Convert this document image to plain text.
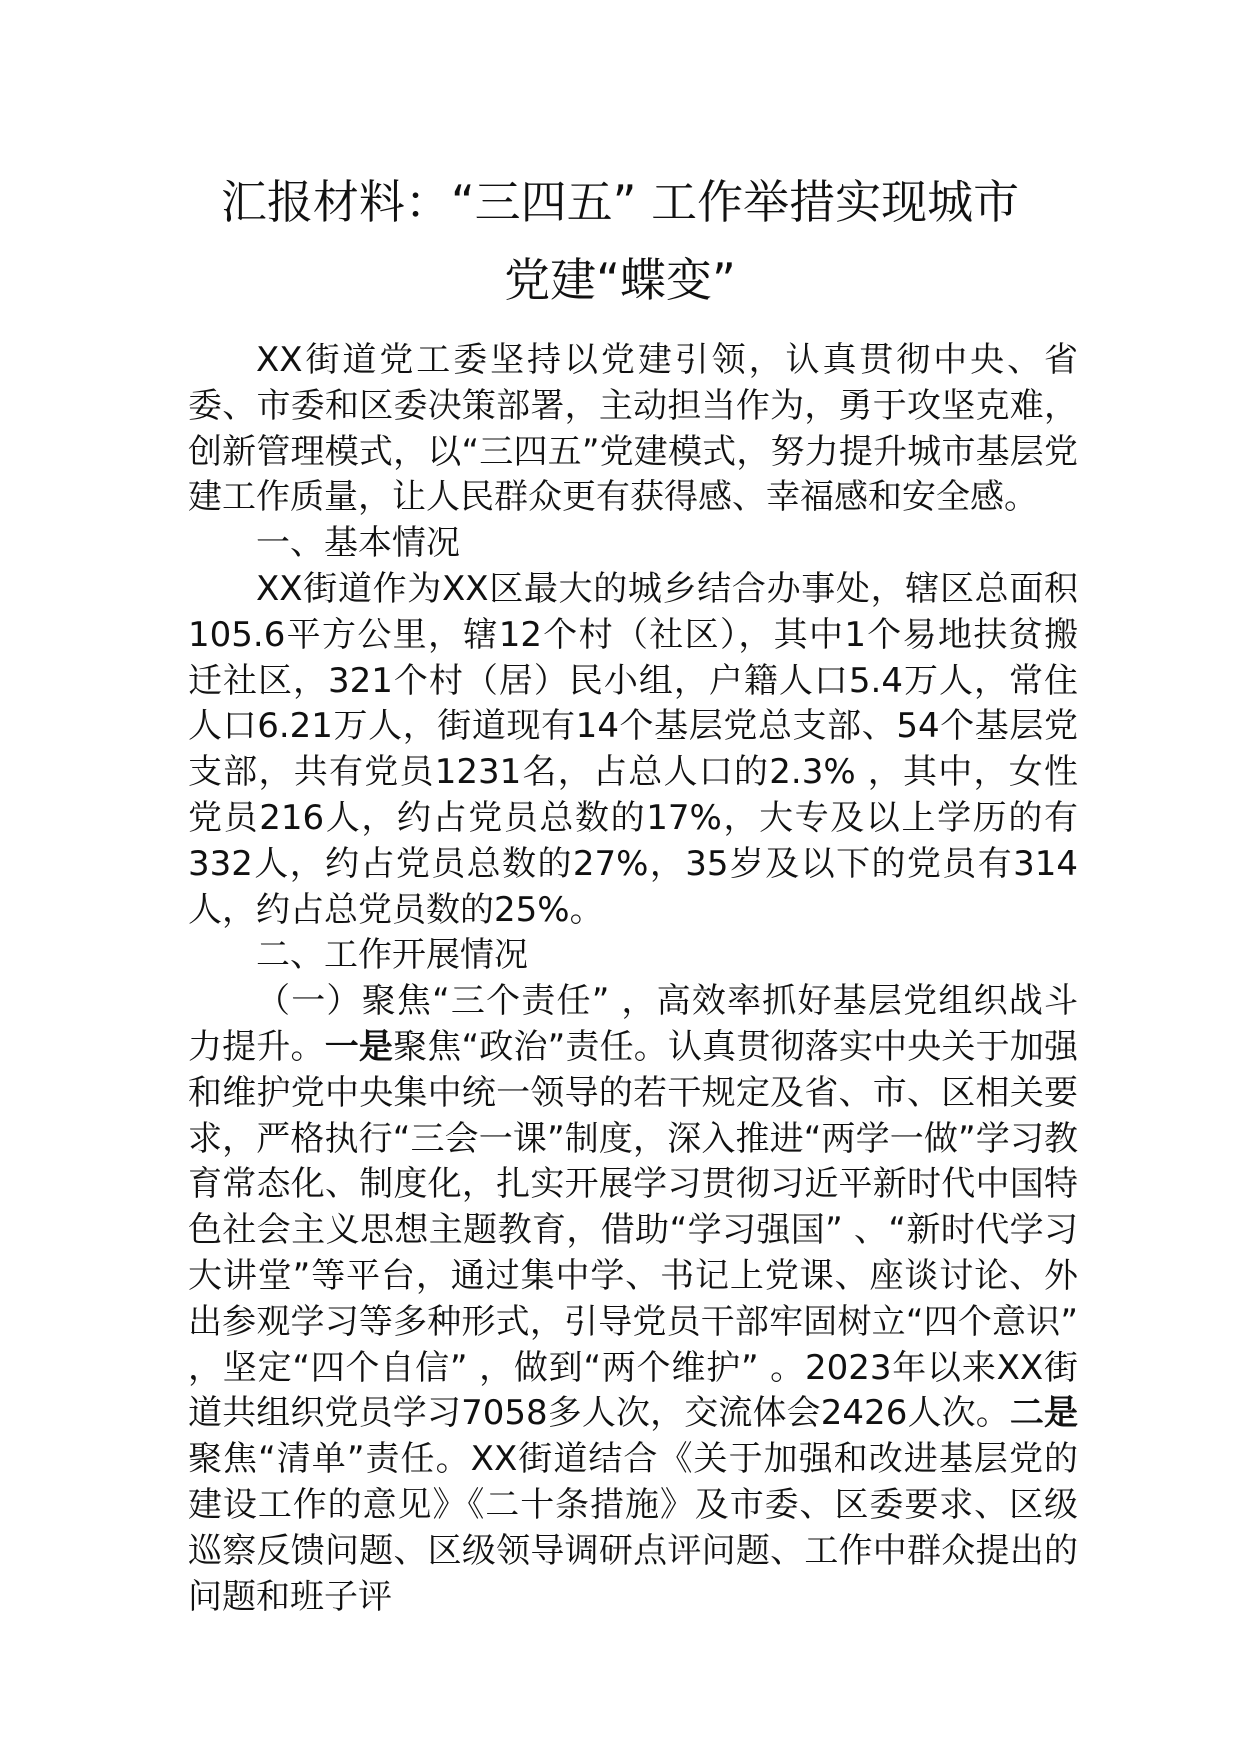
汇报材料：“三四五” 工作举措实现城市
党建“蝶变”

XX街道党工委坚持以党建引领，认真贯彻中央、省委、市委和区委决策部署，主动担当作为，勇于攻坚克难，创新管理模式，以“三四五”党建模式，努力提升城市基层党建工作质量，让人民群众更有获得感、幸福感和安全感。

一、基本情况

XX街道作为XX区最大的城乡结合办事处，辖区总面积105.6平方公里，辖12个村（社区），其中1个易地扶贫搬迁社区，321个村（居）民小组，户籍人口5.4万人，常住人口6.21万人，街道现有14个基层党总支部、54个基层党支部，共有党员1231名，占总人口的2.3% ，其中，女性党员216人，约占党员总数的17%，大专及以上学历的有332人，约占党员总数的27%，35岁及以下的党员有314人，约占总党员数的25%。

二、工作开展情况

（一）聚焦“三个责任” ，高效率抓好基层党组织战斗力提升。一是聚焦“政治”责任。认真贯彻落实中央关于加强和维护党中央集中统一领导的若干规定及省、市、区相关要求，严格执行“三会一课”制度，深入推进“两学一做”学习教育常态化、制度化，扎实开展学习贯彻习近平新时代中国特色社会主义思想主题教育，借助“学习强国” 、“新时代学习大讲堂”等平台，通过集中学、书记上党课、座谈讨论、外出参观学习等多种形式，引导党员干部牢固树立“四个意识” ，坚定“四个自信” ，做到“两个维护” 。2023年以来XX街道共组织党员学习7058多人次，交流体会2426人次。二是聚焦“清单”责任。XX街道结合《关于加强和改进基层党的建设工作的意见》《二十条措施》及市委、区委要求、区级巡察反馈问题、区级领导调研点评问题、工作中群众提出的问题和班子评
